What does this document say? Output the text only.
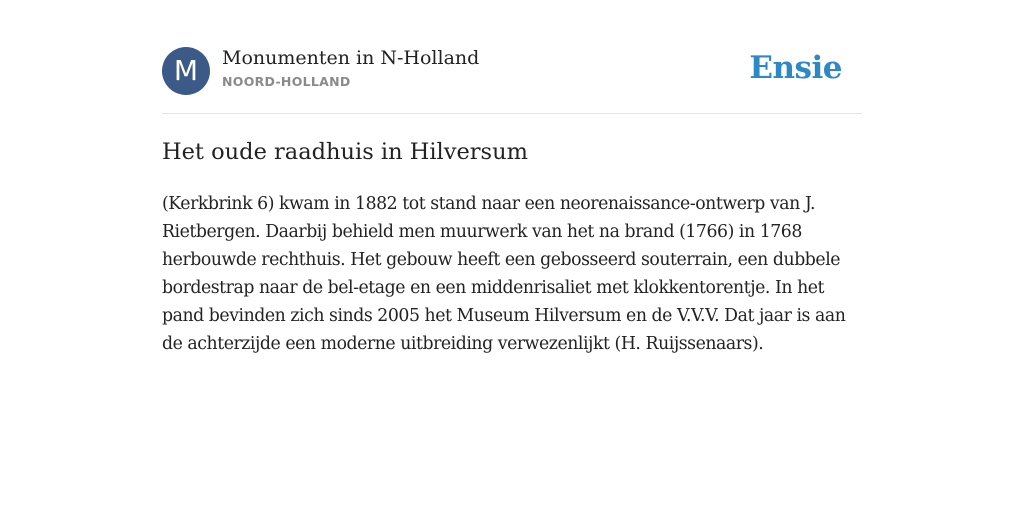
M	Monumenten in N-Holland
NOORD-HOLLAND	Ensie
Het oude raadhuis in Hilversum

(Kerkbrink 6) kwam in 1882 tot stand naar een neorenaissance-ontwerp van J. Rietbergen. Daarbij behield men muurwerk van het na brand (1766) in 1768 herbouwde rechthuis. Het gebouw heeft een gebosseerd souterrain, een dubbele bordestrap naar de bel-etage en een middenrisaliet met klokkentorentje. In het pand bevinden zich sinds 2005 het Museum Hilversum en de V.V.V. Dat jaar is aan de achterzijde een moderne uitbreiding verwezenlijkt (H. Ruijssenaars).
